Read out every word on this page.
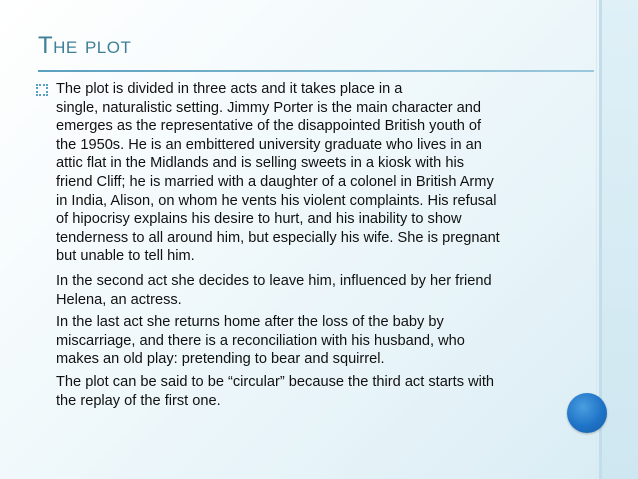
The plot

The plot is divided in three acts and it takes place in a
single, naturalistic setting. Jimmy Porter is the main character and
emerges as the representative of the disappointed British youth of
the 1950s. He is an embittered university graduate who lives in an
attic flat in the Midlands and is selling sweets in a kiosk with his
friend Cliff; he is married with a daughter of a colonel in British Army
in India, Alison, on whom he vents his violent complaints. His refusal
of hipocrisy explains his desire to hurt, and his inability to show
tenderness to all around him, but especially his wife. She is pregnant
but unable to tell him.

In the second act she decides to leave him, influenced by her friend
Helena, an actress.

In the last act she returns home after the loss of the baby by
miscarriage, and there is a reconciliation with his husband, who
makes an old play: pretending to bear and squirrel.

The plot can be said to be “circular” because the third act starts with
the replay of the first one.
